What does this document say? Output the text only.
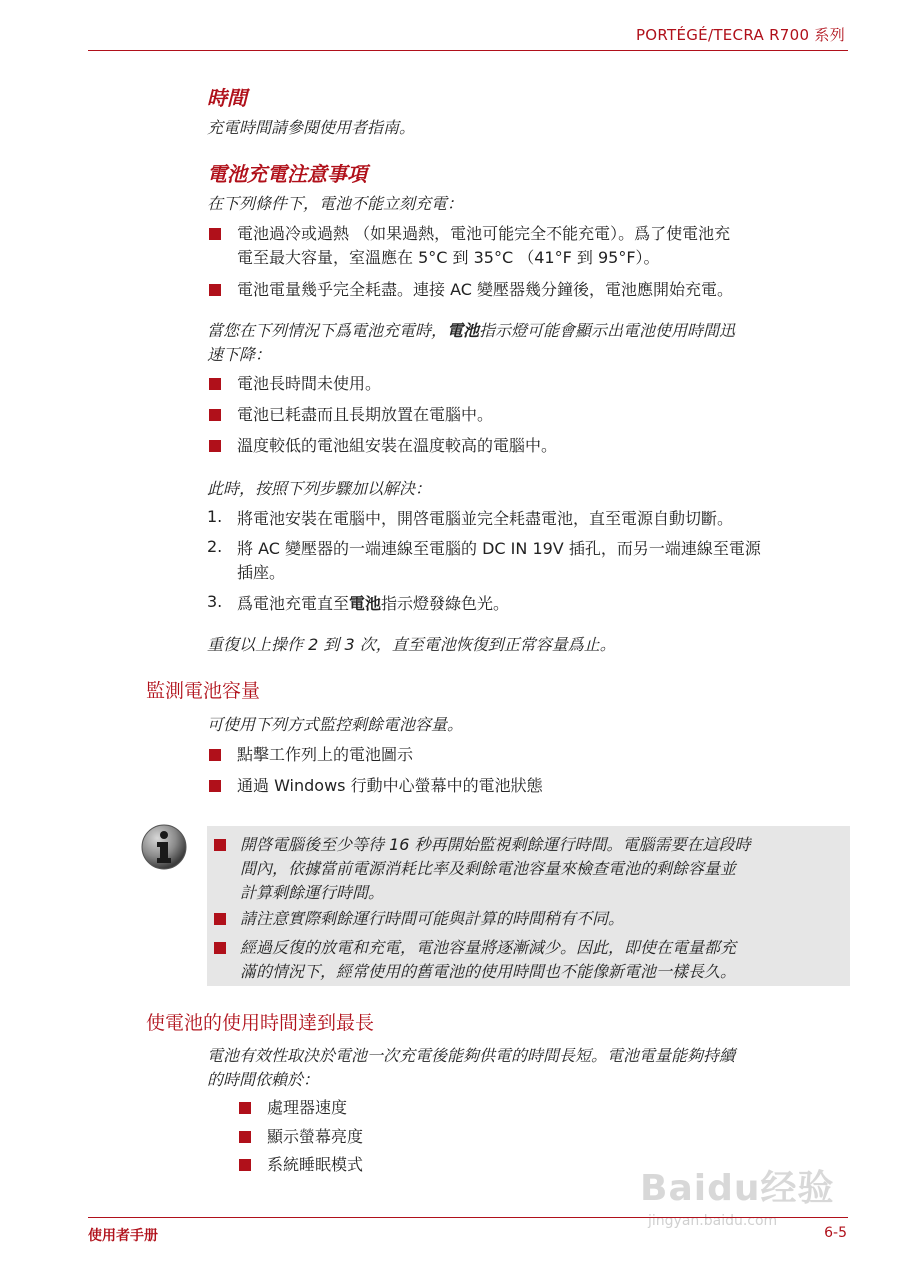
PORTÉGÉ/TECRA R700 系列
時間
充電時間請參閱使用者指南。
電池充電注意事項
在下列條件下，電池不能立刻充電：
電池過冷或過熱 （如果過熱，電池可能完全不能充電）。爲了使電池充
電至最大容量，室溫應在 5°C 到 35°C （41°F 到 95°F）。
電池電量幾乎完全耗盡。連接 AC 變壓器幾分鐘後，電池應開始充電。
當您在下列情況下爲電池充電時，電池指示燈可能會顯示出電池使用時間迅
速下降：
電池長時間未使用。
電池已耗盡而且長期放置在電腦中。
溫度較低的電池組安裝在溫度較高的電腦中。
此時，按照下列步驟加以解決：
1. 將電池安裝在電腦中，開啓電腦並完全耗盡電池，直至電源自動切斷。
2. 將 AC 變壓器的一端連線至電腦的 DC IN 19V 插孔，而另一端連線至電源
插座。
3. 爲電池充電直至電池指示燈發綠色光。
重復以上操作 2 到 3 次，直至電池恢復到正常容量爲止。
監測電池容量
可使用下列方式監控剩餘電池容量。
點擊工作列上的電池圖示
通過 Windows 行動中心螢幕中的電池狀態
開啓電腦後至少等待 16 秒再開始監視剩餘運行時間。電腦需要在這段時
間內，依據當前電源消耗比率及剩餘電池容量來檢查電池的剩餘容量並
計算剩餘運行時間。
請注意實際剩餘運行時間可能與計算的時間稍有不同。
經過反復的放電和充電，電池容量將逐漸減少。因此，即使在電量都充
滿的情況下，經常使用的舊電池的使用時間也不能像新電池一樣長久。
使電池的使用時間達到最長
電池有效性取決於電池一次充電後能夠供電的時間長短。電池電量能夠持續
的時間依賴於：
處理器速度
顯示螢幕亮度
系統睡眠模式
Baidu经验
jingyan.baidu.com
使用者手册	6-5
